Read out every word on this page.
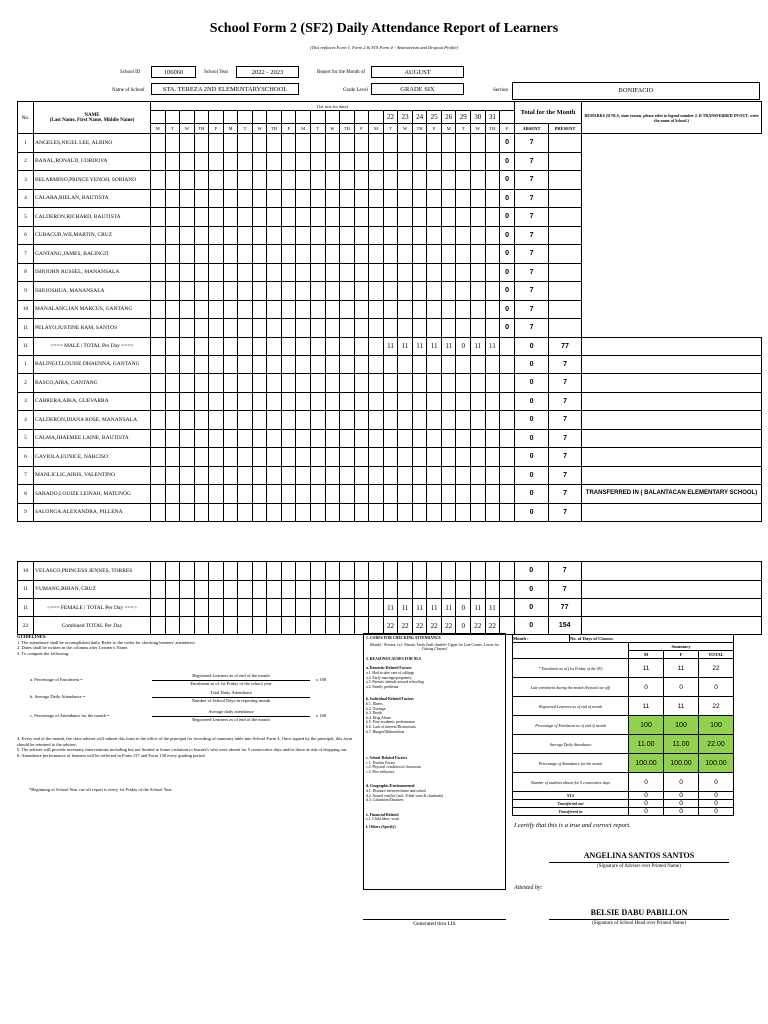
School Form 2 (SF2) Daily Attendance Report of Learners
(This replaces Form 1, Form 2 & STS Form 4 - Absenteeism and Dropout Profile)
School ID	106060	School Year	2022 - 2023	Report for the Month of	AUGUST
Name of School	STA. TEREZA 2ND ELEMENTARYSCHOOL	Grade Level	GRADE SIX	Section	BONIFACIO
No.	NAME
(Last Name, First Name, Middle Name)	(1st row for date)																									Total for the Month		REMARKS (If NLS, state reason, please refer to legend number 2. If TRANSFERRED IN/OUT, write the name of School.)
																		22	23	24	25	26	29	30	31				
		M	T	W	TH	F	M	T	W	TH	F	M	T	W	TH	F	M	T	W	TH	F	M	T	W	TH	F	ABSENT	PRESENT	
1	ANGELES,NIGEL LEE, ALBINO																									0	7		
2	BANAL,RONALD, CORDOVA																									0	7		
3	BELARMINO,PRINCE YENOH, SORIANO																									0	7		
4	CALARA,RIELAN, BAUTISTA																									0	7		
5	CALDERON,RICHARD, BAUTISTA																									0	7		
6	CUBACUB,WILMARTIN, CRUZ																									0	7		
7	GANTANG,JAMES, BALINGIT																									0	7		
8	ISIP,JOHN RUSSEL, MANANSALA																									0	7		
9	ISIP,JOSHUA, MANANSALA																									0	7		
10	MANALANG,IAN MARCUS, GANTANG																									0	7		
11	PELAYO,JUSTINE RAM, SANTOS																									0	7		
11	<=== MALE | TOTAL Per Day ===>																	11	11	11	11	11	0	11	11		0	77	
1	BALINGIT,LOUISE DHAENNA, GANTANG																										0	7	
2	BASCO,AIRA, GANTANG																										0	7	
3	CABRERA,AIKA, GUEVARRA																										0	7	
4	CALDERON,DIANA ROSE, MANANSALA																										0	7	
5	CALMA,JHAEMEE LAINE, BAUTISTA																										0	7	
6	GAYIOLA,EUNICE, NARCISO																										0	7	
7	MANLICLIC,AIRIS, VALENTINO																										0	7	
8	SABADO,LOUIZE LEINAH, MATUNOG																										0	7	TRANSFERRED IN ( BALANTACAN ELEMENTARY SCHOOL)
9	SALONGA,ALEXANDRA, PILLENA																										0	7	
10	VELASCO,PRINCESS JENNES, TORRES																										0	7	
11	YUMANG,RHIAN, CRUZ																										0	7	
11	<=== FEMALE | TOTAL Per Day ===>																	11	11	11	11	11	0	11	11		0	77	
22	Combined TOTAL Per Day																	22	22	22	22	22	0	22	22		0	154	
GUIDELINES:
1. The attendance shall be accomplished daily. Refer to the codes for checking learners' attendance.
2. Dates shall be written in the columns after Learner's Name.
3. To compute the following:
a. Percentage of Enrolment =
Registered Learners as of end of the month
Enrolment as of 1st Friday of the school year
x 100
b. Average Daily Attendance =
Total Daily Attendance
Number of School Days in reporting month
c. Percentage of Attendance for the month =
Average daily attendance
Registered Learners as of end of the month
x 100
4. Every end of the month, the class adviser will submit this form to the office of the principal for recording of summary table into School Form 4. Once signed by the principal, this form should be returned to the adviser.
5. The adviser will provide necessary interventions including but not limited to home visitation to learner's who were absent for 5 consecutive days and/or those at risk of dropping out.
6. Attendance performance of learners will be reflected in Form 137 and Form 138 every grading period.
*Beginning of School Year cut-off report is every 1st Friday of the School Year
1. CODES FOR CHECKING ATTENDANCE
(blank) - Present; (x)- Absent; Tardy (half shaded= Upper for Late Comer, Lower for Cutting Classes)
2. REASONS/CAUSES FOR NLS
a. Domestic-Related Factors
a.1. Had to take care of siblings
a.2. Early marriage/pregnancy
a.3. Parents' attitude toward schooling
a.4. Family problems
b. Individual-Related Factors
b.1. Illness
b.2. Overage
b.3. Death
b.4. Drug Abuse
b.5. Poor academic performance
b.6. Lack of interest/Distractions
b.7. Hunger/Malnutrition
c. School-Related Factors
c.1. Teacher Factor
c.2. Physical condition of classroom
c.3. Peer influence
d. Geographic/Environmental
d.1. Distance between home and school
d.2. Armed conflict (incl. Tribal wars & clanfeuds)
d.3. Calamities/Disasters
e. Financial-Related
e.1. Child labor, work
f. Others (Specify)
Generated thru LIS
Month :	No. of Days of Classes:			
		Summary		
		M	F	TOTAL
* Enrolment as of (1st Friday of the SY)		11	11	22
Late enrolment during the month (beyond cut-off)		0	0	0
Registered Learners as of end of month		11	11	22
Percentage of Enrolment as of end of month		100	100	100
Average Daily Attendance		11.00	11.00	22.00
Percentage of Attendance for the month		100.00	100.00	100.00
Number of students absent for 5 consecutive days		0	0	0
NLS		0	0	0
Transferred out		0	0	0
Transferred in		0	0	0
I certify that this is a true and correct report.
ANGELINA SANTOS SANTOS
(Signature of Adviser over Printed Name)
Attested by:
BELSIE DABU PABILLON
(Signature of School Head over Printed Name)
